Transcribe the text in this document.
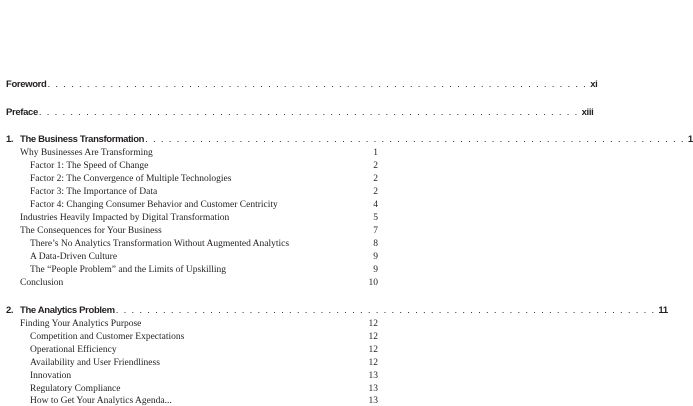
Foreword . . . . . . . . . . . . . . . . . . . . . . . . . . . . . . . . . . . . . . . . . . . . . . . . . . . . . . . . . . . . . . . . . . . . . xi
Preface . . . . . . . . . . . . . . . . . . . . . . . . . . . . . . . . . . . . . . . . . . . . . . . . . . . . . . . . . . . . . . . . . . . . . xiii
1. The Business Transformation . . . . . . . . . . . . . . . . . . . . . . . . . . . . . . . . . . . . . . . . . . . . . . . . . . . . . . . . . . . . . . . . . . . . . 1
Why Businesses Are Transforming	1
Factor 1: The Speed of Change	2
Factor 2: The Convergence of Multiple Technologies	2
Factor 3: The Importance of Data	2
Factor 4: Changing Consumer Behavior and Customer Centricity	4
Industries Heavily Impacted by Digital Transformation	5
The Consequences for Your Business	7
There’s No Analytics Transformation Without Augmented Analytics	8
A Data-Driven Culture	9
The “People Problem” and the Limits of Upskilling	9
Conclusion	10
2. The Analytics Problem . . . . . . . . . . . . . . . . . . . . . . . . . . . . . . . . . . . . . . . . . . . . . . . . . . . . . . . . . . . . . . . . . . . . . 11
Finding Your Analytics Purpose	12
Competition and Customer Expectations	12
Operational Efficiency	12
Availability and User Friendliness	12
Innovation	13
Regulatory Compliance	13
How to Get Your Analytics Agenda...	13
